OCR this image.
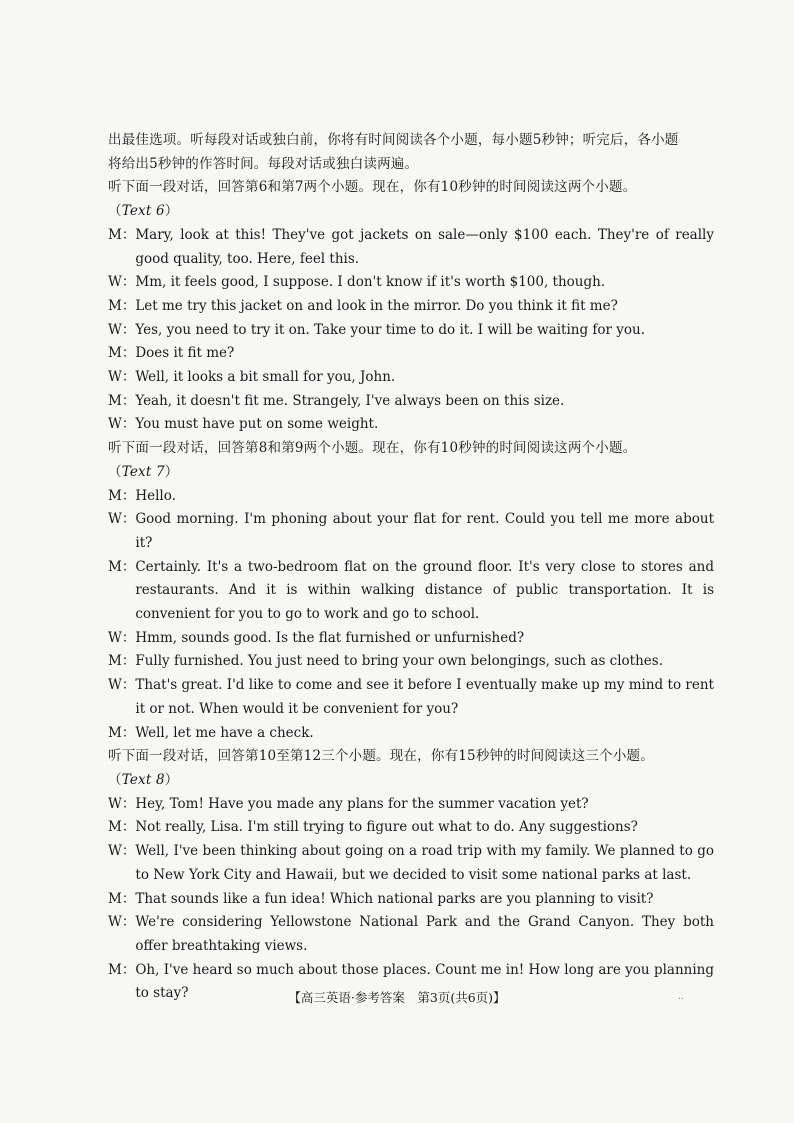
出最佳选项。听每段对话或独白前，你将有时间阅读各个小题，每小题5秒钟；听完后，各小题
将给出5秒钟的作答时间。每段对话或独白读两遍。
听下面一段对话，回答第6和第7两个小题。现在，你有10秒钟的时间阅读这两个小题。
（Text 6）
M： Mary, look at this! They've got jackets on sale—only $100 each. They're of really good quality, too. Here, feel this.
W： Mm, it feels good, I suppose. I don't know if it's worth $100, though.
M： Let me try this jacket on and look in the mirror. Do you think it fit me?
W： Yes, you need to try it on. Take your time to do it. I will be waiting for you.
M： Does it fit me?
W： Well, it looks a bit small for you, John.
M： Yeah, it doesn't fit me. Strangely, I've always been on this size.
W： You must have put on some weight.
听下面一段对话，回答第8和第9两个小题。现在，你有10秒钟的时间阅读这两个小题。
（Text 7）
M： Hello.
W： Good morning. I'm phoning about your flat for rent. Could you tell me more about it?
M： Certainly. It's a two-bedroom flat on the ground floor. It's very close to stores and restaurants. And it is within walking distance of public transportation. It is convenient for you to go to work and go to school.
W： Hmm, sounds good. Is the flat furnished or unfurnished?
M： Fully furnished. You just need to bring your own belongings, such as clothes.
W： That's great. I'd like to come and see it before I eventually make up my mind to rent it or not. When would it be convenient for you?
M： Well, let me have a check.
听下面一段对话，回答第10至第12三个小题。现在，你有15秒钟的时间阅读这三个小题。
（Text 8）
W： Hey, Tom! Have you made any plans for the summer vacation yet?
M： Not really, Lisa. I'm still trying to figure out what to do. Any suggestions?
W： Well, I've been thinking about going on a road trip with my family. We planned to go to New York City and Hawaii, but we decided to visit some national parks at last.
M： That sounds like a fun idea! Which national parks are you planning to visit?
W： We're considering Yellowstone National Park and the Grand Canyon. They both offer breathtaking views.
M： Oh, I've heard so much about those places. Count me in! How long are you planning to stay?	【高三英语·参考答案　第3页(共6页)】	..
